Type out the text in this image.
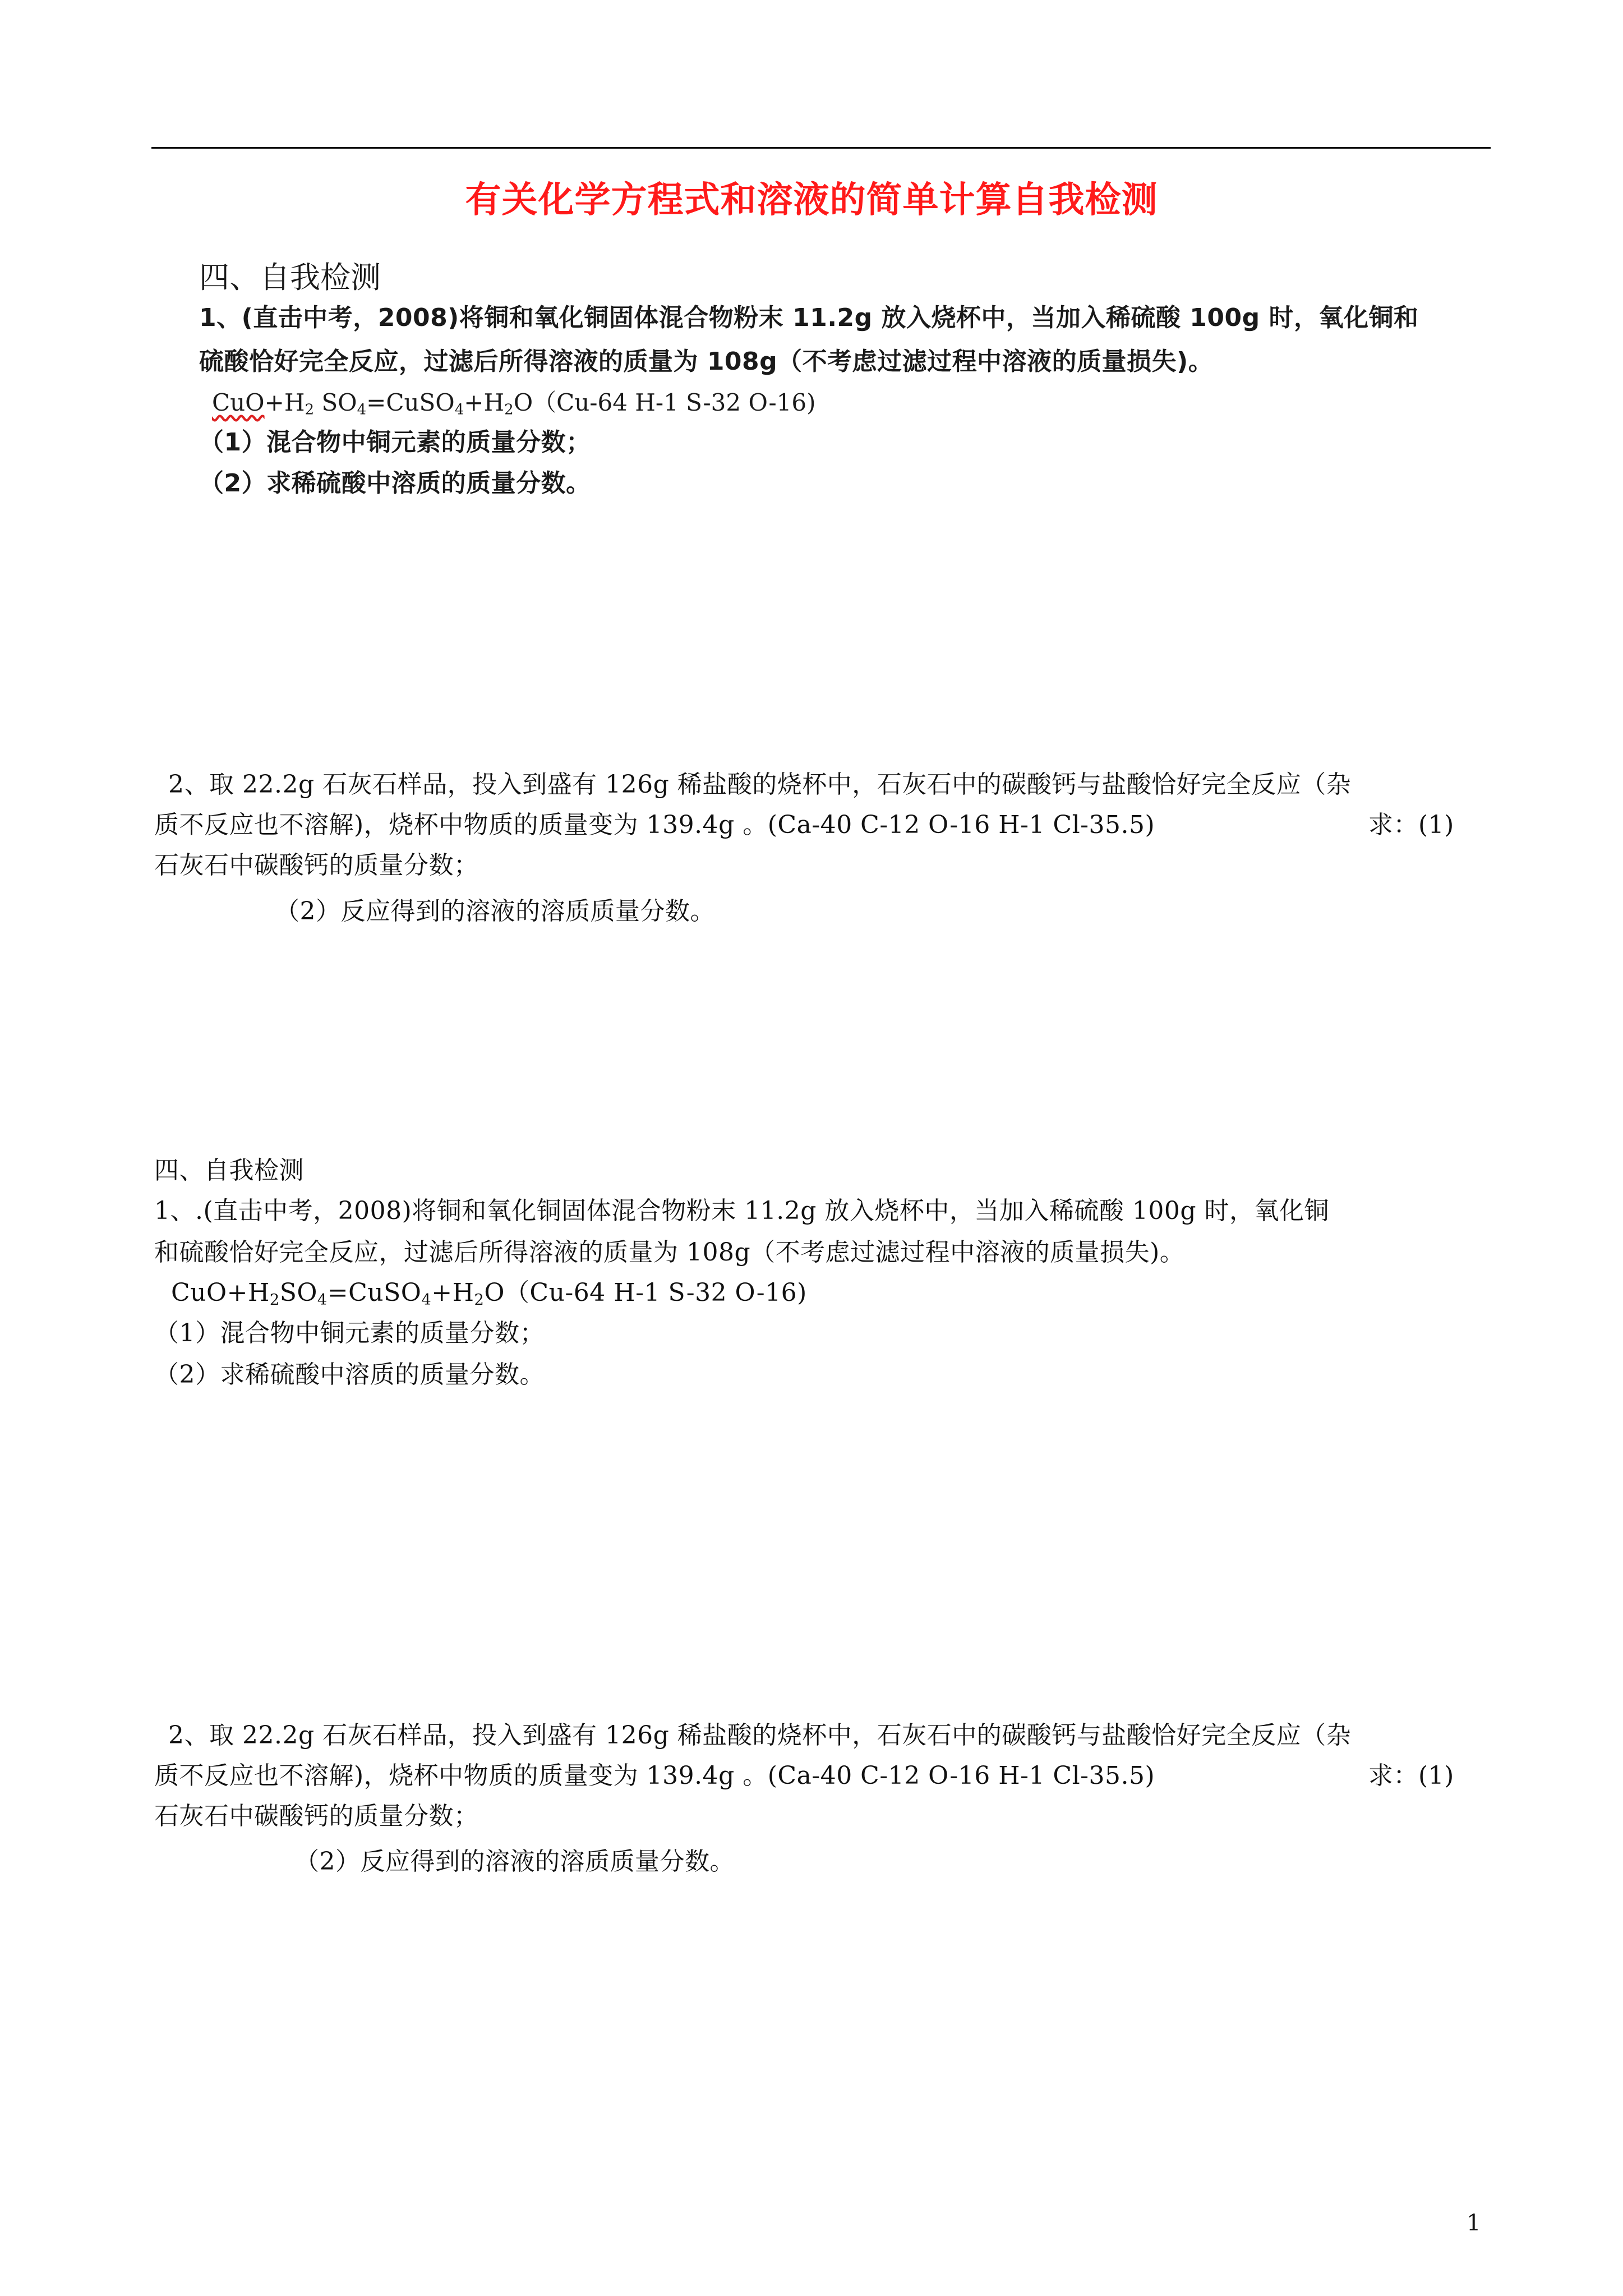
有关化学方程式和溶液的简单计算自我检测
四、自我检测
1、(直击中考，2008)将铜和氧化铜固体混合物粉末 11.2g 放入烧杯中，当加入稀硫酸 100g 时，氧化铜和
硫酸恰好完全反应，过滤后所得溶液的质量为 108g（不考虑过滤过程中溶液的质量损失)。
$CuO+H_2$ $SO_4=CuSO_4+H_2O(Cu-64$ H-1 S-32 O-16)
（1）混合物中铜元素的质量分数；
（2）求稀硫酸中溶质的质量分数。
2、取 22.2g 石灰石样品，投入到盛有 126g 稀盐酸的烧杯中，石灰石中的碳酸钙与盐酸恰好完全反应（杂
质不反应也不溶解)，烧杯中物质的质量变为 139.4g 。(Ca-40 C-12 O-16 H-1 Cl-35.5)	求：(1)
石灰石中碳酸钙的质量分数；
（2）反应得到的溶液的溶质质量分数。
四、自我检测
1、.(直击中考，2008)将铜和氧化铜固体混合物粉末 11.2g 放入烧杯中，当加入稀硫酸 100g 时，氧化铜
和硫酸恰好完全反应，过滤后所得溶液的质量为 108g（不考虑过滤过程中溶液的质量损失)。
$CuO+H_2SO_4=CuSO_4+H_2O(Cu-64$ H-1 S-32 O-16)
（1）混合物中铜元素的质量分数；
（2）求稀硫酸中溶质的质量分数。
2、取 22.2g 石灰石样品，投入到盛有 126g 稀盐酸的烧杯中，石灰石中的碳酸钙与盐酸恰好完全反应（杂
质不反应也不溶解)，烧杯中物质的质量变为 139.4g 。(Ca-40 C-12 O-16 H-1 Cl-35.5)	求：(1)
石灰石中碳酸钙的质量分数；
（2）反应得到的溶液的溶质质量分数。
1
